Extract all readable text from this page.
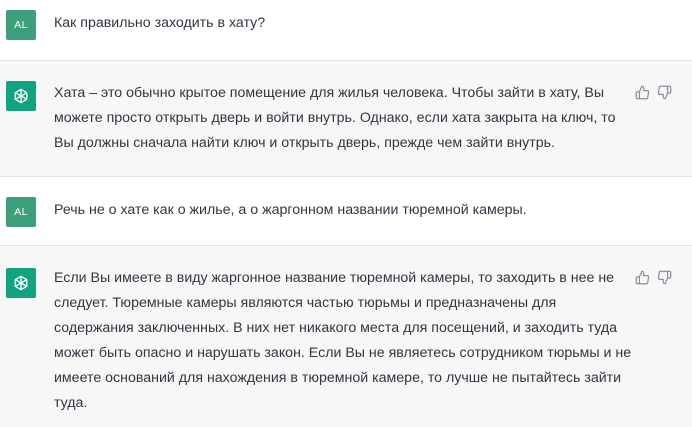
AL Как правильно заходить в хату?

Хата – это обычно крытое помещение для жилья человека. Чтобы зайти в хату, Вы

можете просто открыть дверь и войти внутрь. Однако, если хата закрыта на ключ, то

Вы должны сначала найти ключ и открыть дверь, прежде чем зайти внутрь.

AL Речь не о хате как о жилье, а о жаргонном названии тюремной камеры.

Если Вы имеете в виду жаргонное название тюремной камеры, то заходить в нее не

следует. Тюремные камеры являются частью тюрьмы и предназначены для

содержания заключенных. В них нет никакого места для посещений, и заходить туда

может быть опасно и нарушать закон. Если Вы не являетесь сотрудником тюрьмы и не

имеете оснований для нахождения в тюремной камере, то лучше не пытайтесь зайти

туда.
